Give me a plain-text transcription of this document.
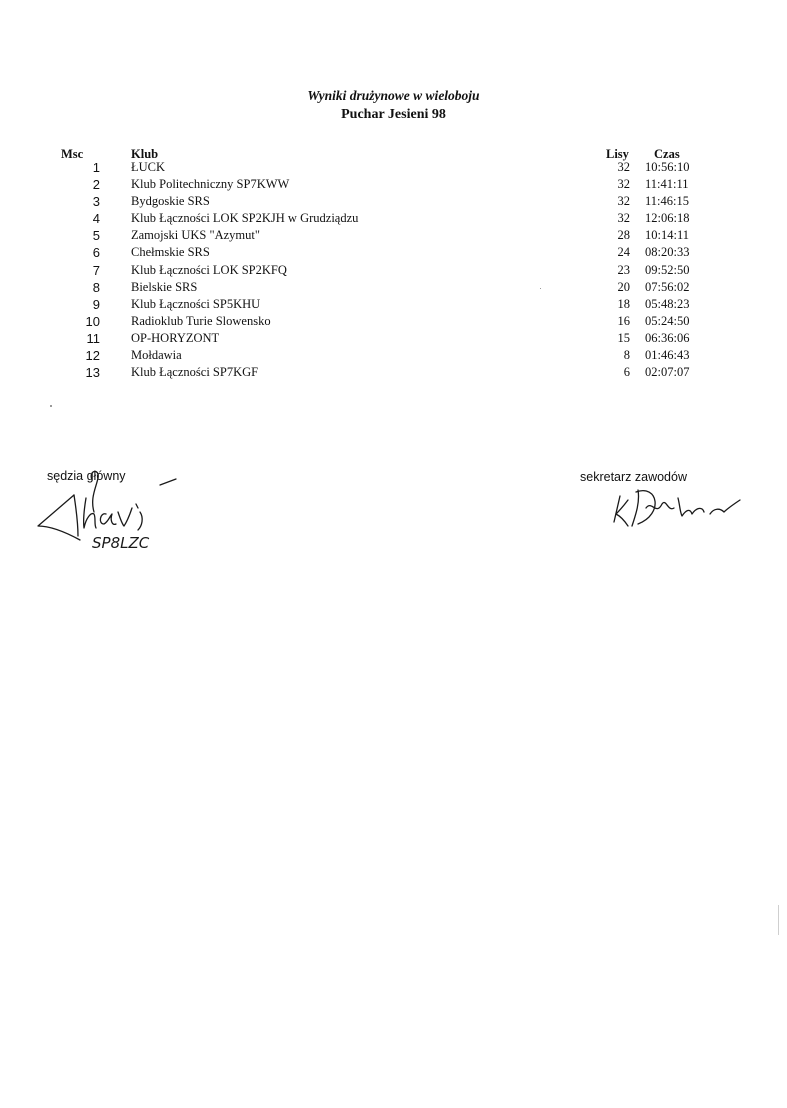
Wyniki drużynowe w wieloboju
Puchar Jesieni 98
Msc	Klub	Lisy Czas
1 ŁUCK	32 10:56:10
2 Klub Politechniczny SP7KWW	32 11:41:11
3 Bydgoskie SRS	32 11:46:15
4 Klub Łączności LOK SP2KJH w Grudziądzu	32 12:06:18
5 Zamojski UKS "Azymut"	28 10:14:11
6 Chełmskie SRS	24 08:20:33
7 Klub Łączności LOK SP2KFQ	23 09:52:50
8 Bielskie SRS	20 07:56:02
9 Klub Łączności SP5KHU	18 05:48:23
10 Radioklub Turie Slowensko	16 05:24:50
11 OP-HORYZONT	15 06:36:06
12 Mołdawia	8 01:46:43
13 Klub Łączności SP7KGF	6 02:07:07
sędzia główny
SP8LZC
sekretarz zawodów
